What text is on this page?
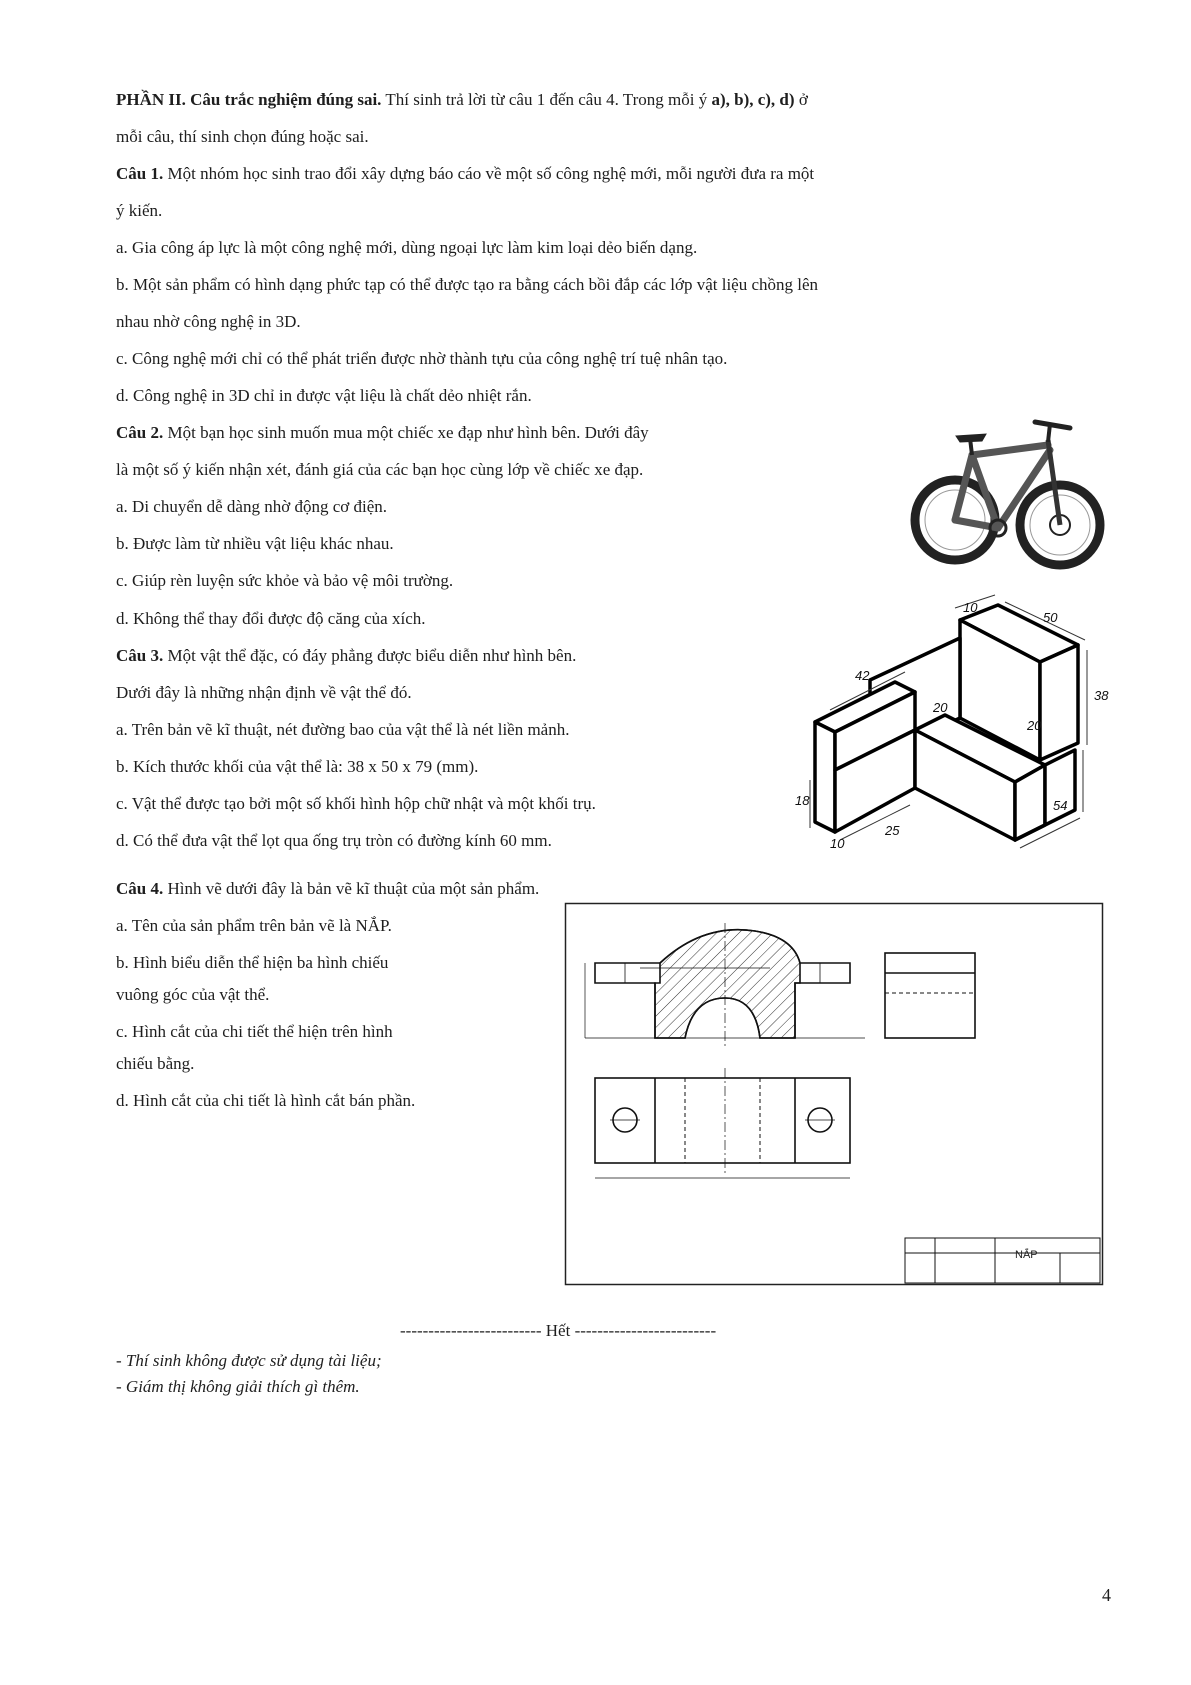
PHẦN II. Câu trắc nghiệm đúng sai. Thí sinh trả lời từ câu 1 đến câu 4. Trong mỗi ý a), b), c), d) ở
mỗi câu, thí sinh chọn đúng hoặc sai.
Câu 1. Một nhóm học sinh trao đổi xây dựng báo cáo về một số công nghệ mới, mỗi người đưa ra một
ý kiến.
a. Gia công áp lực là một công nghệ mới, dùng ngoại lực làm kim loại dẻo biến dạng.
b. Một sản phẩm có hình dạng phức tạp có thể được tạo ra bằng cách bồi đắp các lớp vật liệu chồng lên
nhau nhờ công nghệ in 3D.
c. Công nghệ mới chỉ có thể phát triển được nhờ thành tựu của công nghệ trí tuệ nhân tạo.
d. Công nghệ in 3D chỉ in được vật liệu là chất dẻo nhiệt rắn.
Câu 2. Một bạn học sinh muốn mua một chiếc xe đạp như hình bên. Dưới đây
là một số ý kiến nhận xét, đánh giá của các bạn học cùng lớp về chiếc xe đạp.
a. Di chuyển dễ dàng nhờ động cơ điện.
b. Được làm từ nhiều vật liệu khác nhau.
c. Giúp rèn luyện sức khỏe và bảo vệ môi trường.
d. Không thể thay đổi được độ căng của xích.
Câu 3. Một vật thể đặc, có đáy phẳng được biểu diễn như hình bên.
Dưới đây là những nhận định về vật thể đó.
a. Trên bản vẽ kĩ thuật, nét đường bao của vật thể là nét liền mảnh.
b. Kích thước khối của vật thể là: 38 x 50 x 79 (mm).
c. Vật thể được tạo bởi một số khối hình hộp chữ nhật và một khối trụ.
d. Có thể đưa vật thể lọt qua ống trụ tròn có đường kính 60 mm.
10
50
38
42
20
20
18
10
25
54
Câu 4. Hình vẽ dưới đây là bản vẽ kĩ thuật của một sản phẩm.
a. Tên của sản phẩm trên bản vẽ là NẮP.
b. Hình biểu diễn thể hiện ba hình chiếu
vuông góc của vật thể.
c. Hình cắt của chi tiết thể hiện trên hình
chiếu bằng.
d. Hình cắt của chi tiết là hình cắt bán phần.
NẮP
------------------------- Hết -------------------------
- Thí sinh không được sử dụng tài liệu;
- Giám thị không giải thích gì thêm.
4
